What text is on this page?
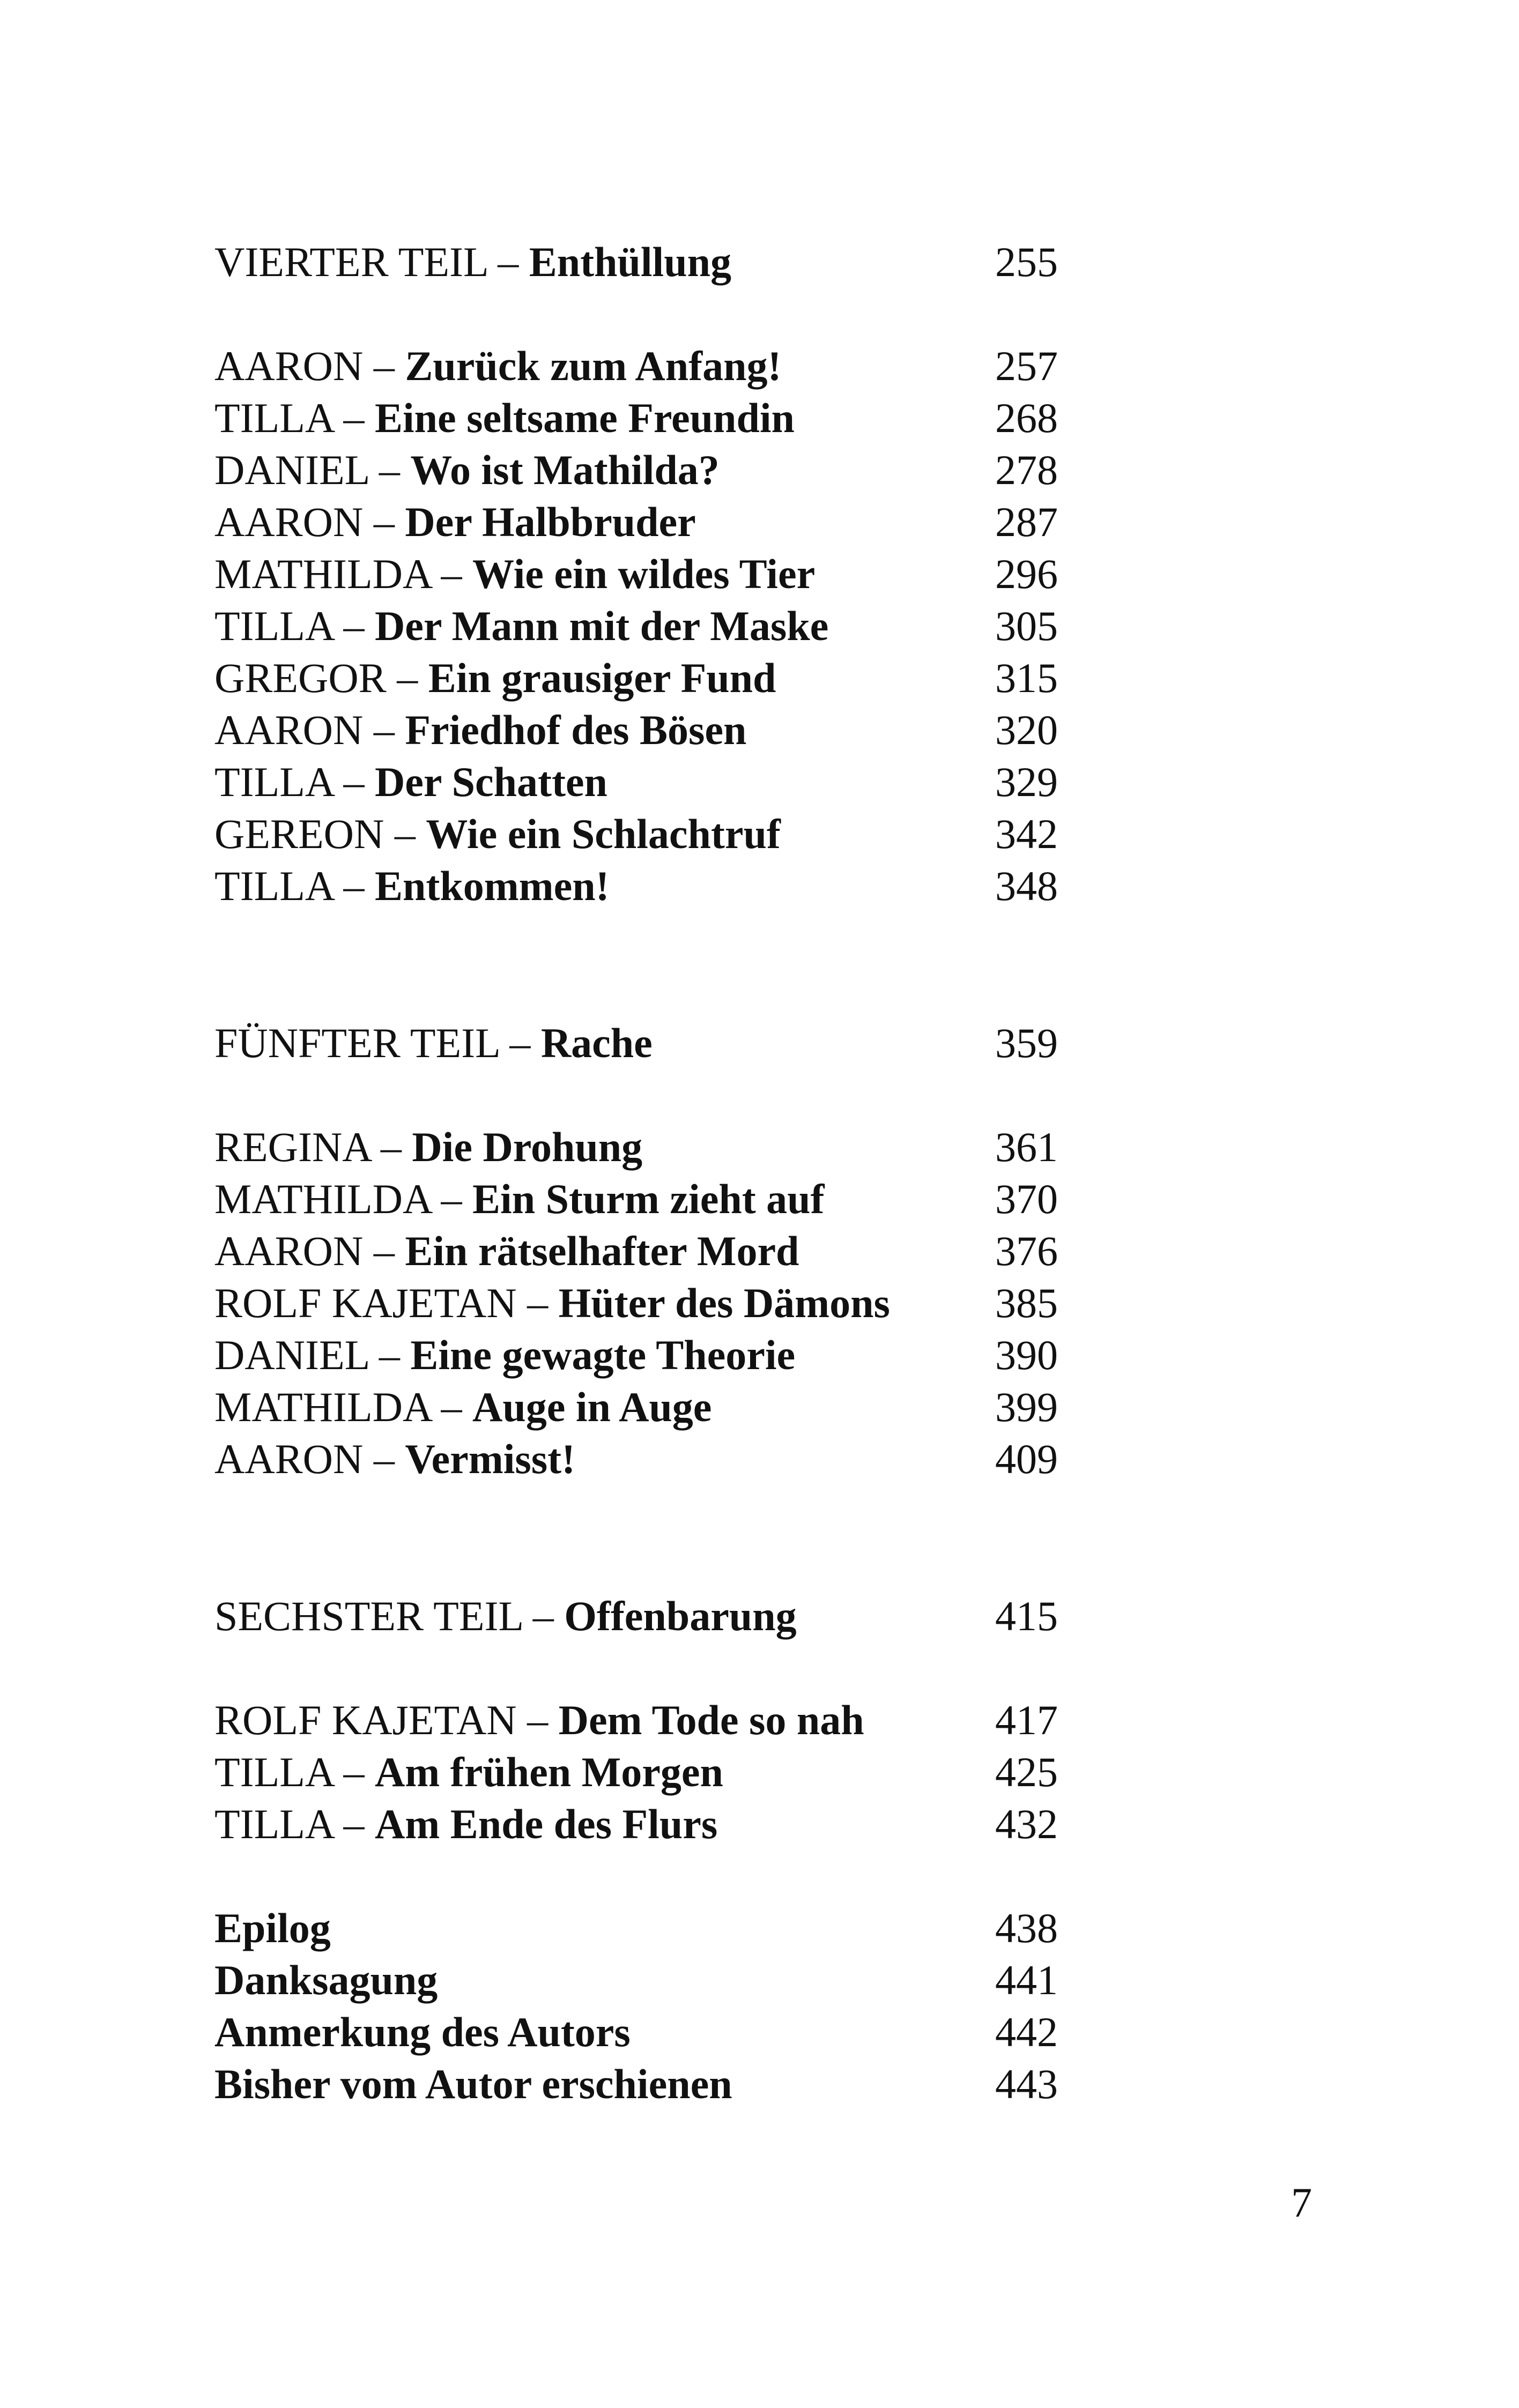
VIERTER TEIL – Enthüllung	255
AARON – Zurück zum Anfang!	257
TILLA – Eine seltsame Freundin	268
DANIEL – Wo ist Mathilda?	278
AARON – Der Halbbruder	287
MATHILDA – Wie ein wildes Tier	296
TILLA – Der Mann mit der Maske	305
GREGOR – Ein grausiger Fund	315
AARON – Friedhof des Bösen	320
TILLA – Der Schatten	329
GEREON – Wie ein Schlachtruf	342
TILLA – Entkommen!	348
FÜNFTER TEIL – Rache	359
REGINA – Die Drohung	361
MATHILDA – Ein Sturm zieht auf	370
AARON – Ein rätselhafter Mord	376
ROLF KAJETAN – Hüter des Dämons	385
DANIEL – Eine gewagte Theorie	390
MATHILDA – Auge in Auge	399
AARON – Vermisst!	409
SECHSTER TEIL – Offenbarung	415
ROLF KAJETAN – Dem Tode so nah	417
TILLA – Am frühen Morgen	425
TILLA – Am Ende des Flurs	432
Epilog	438
Danksagung	441
Anmerkung des Autors	442
Bisher vom Autor erschienen	443
7
